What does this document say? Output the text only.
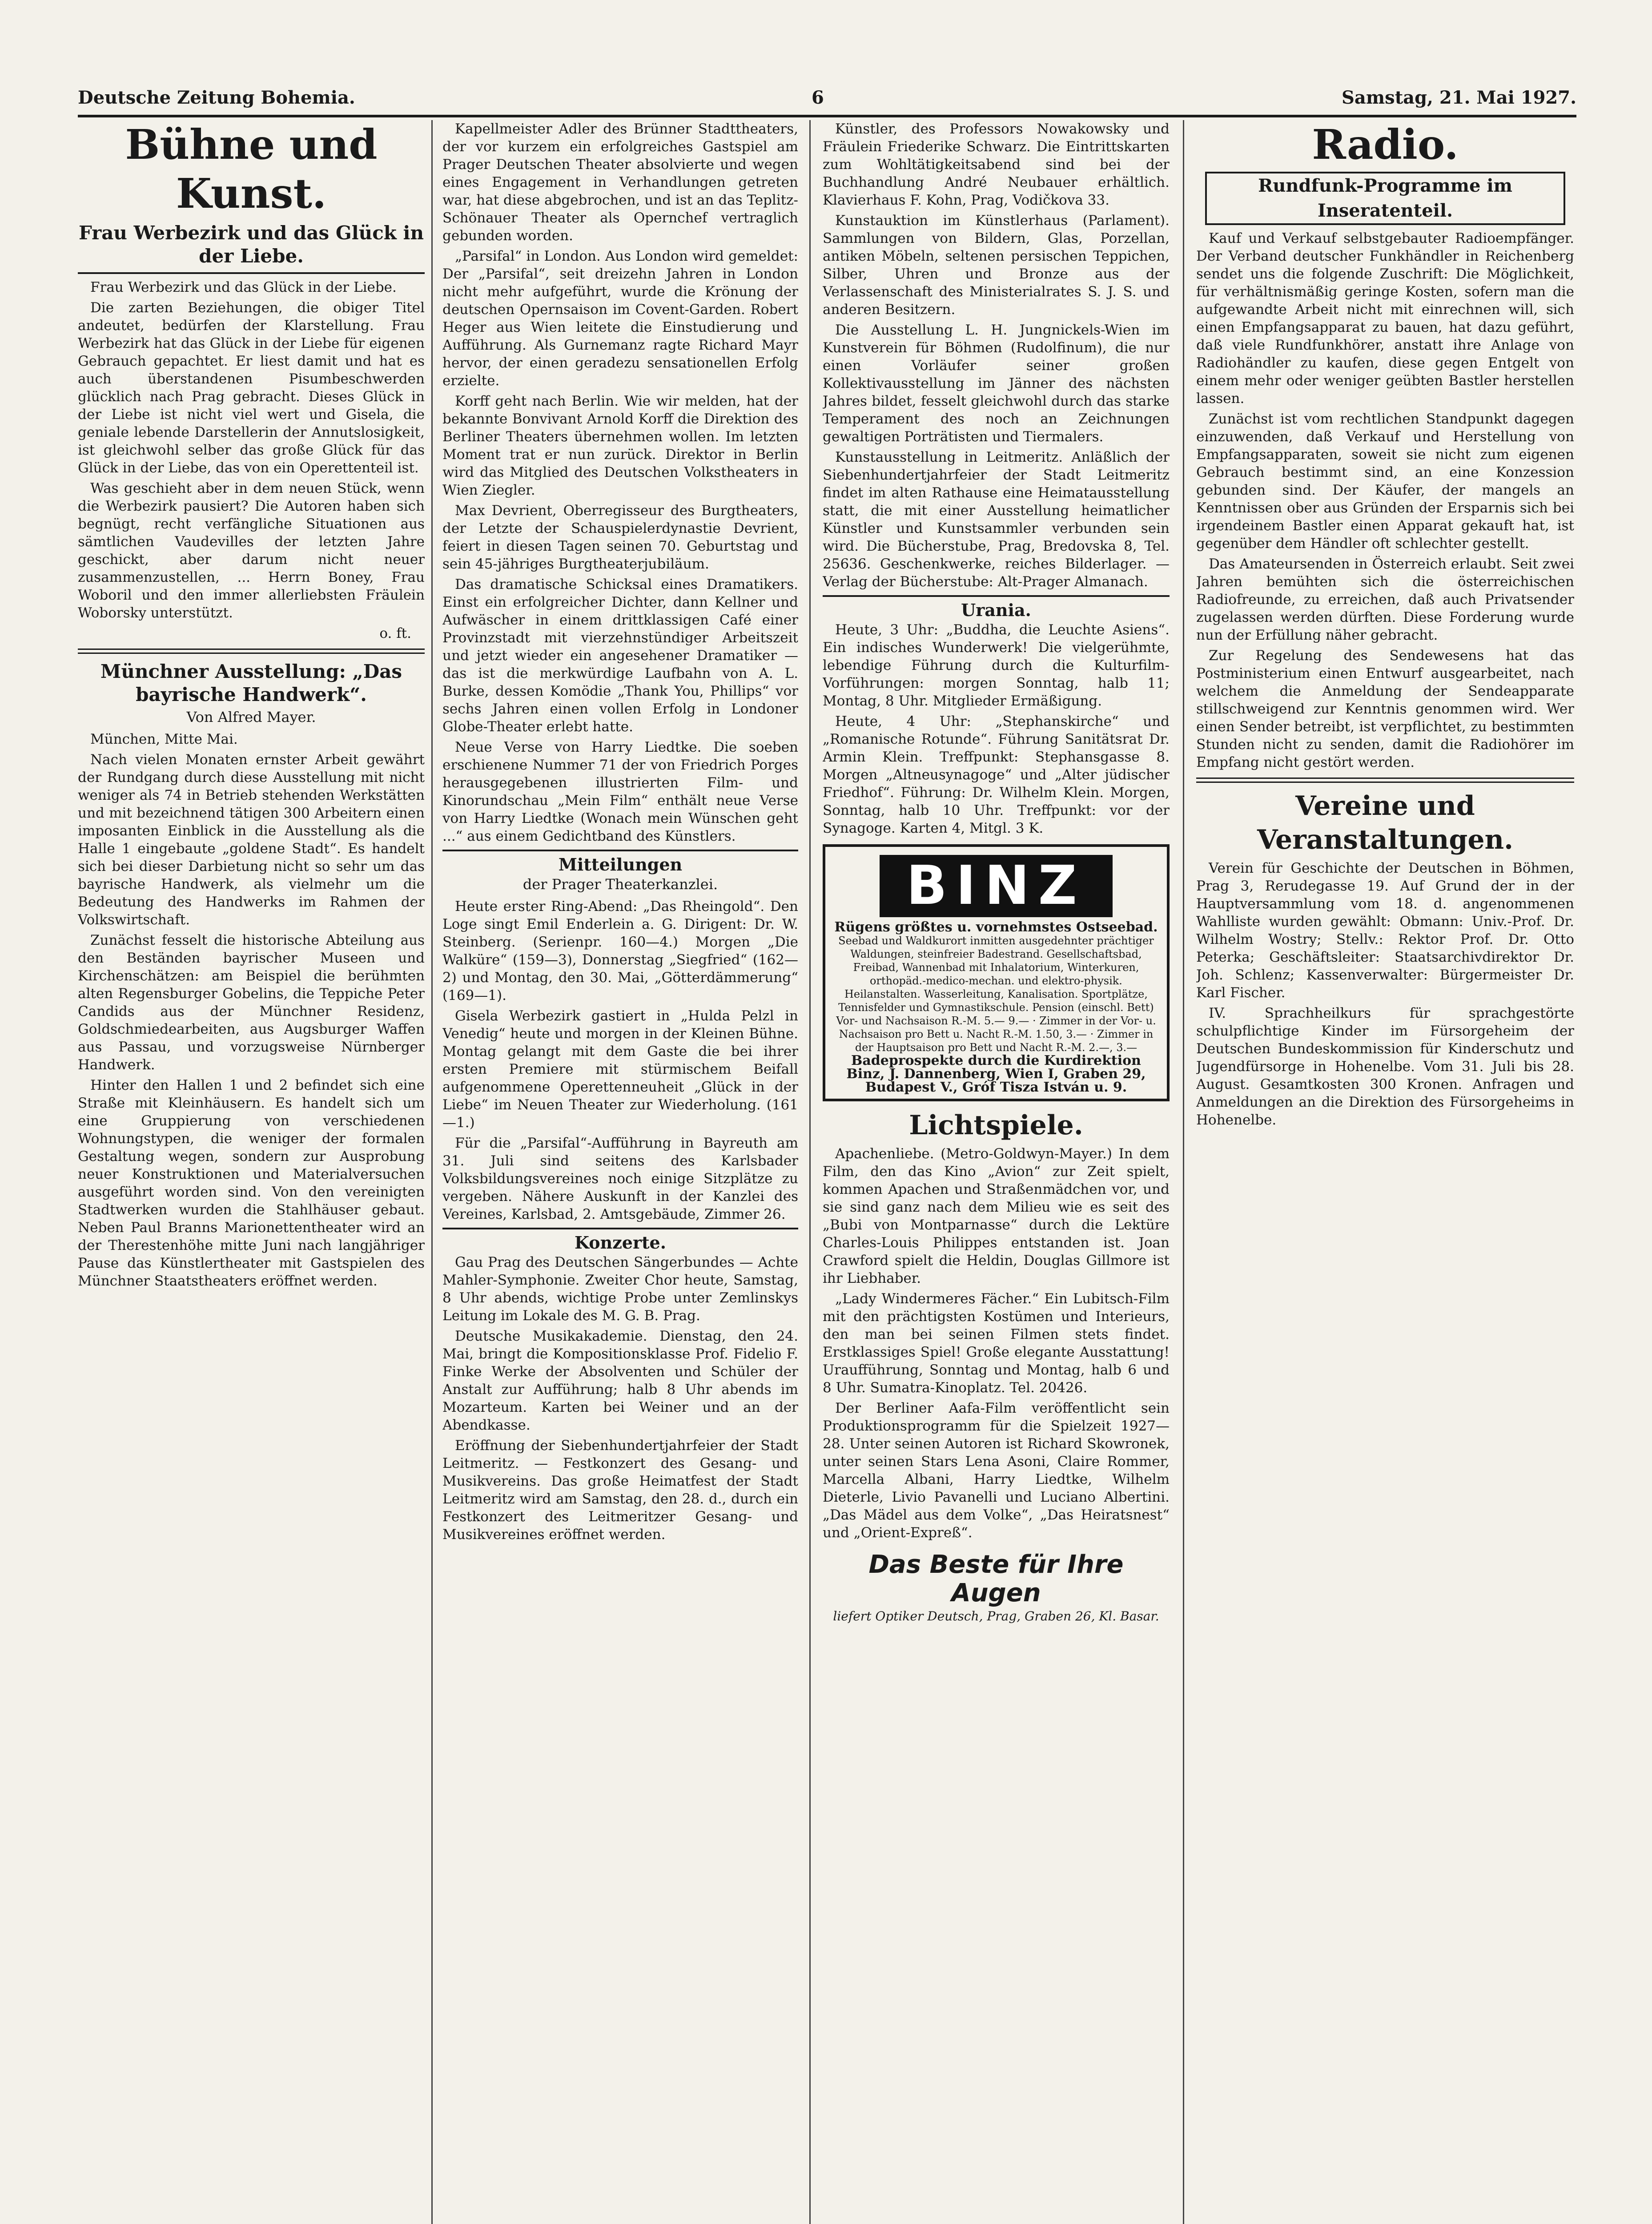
Deutsche Zeitung Bohemia.	6	Samstag, 21. Mai 1927.
Bühne und Kunst.
Frau Werbezirk und das Glück in der Liebe.
Frau Werbezirk und das Glück in der Liebe.
Die zarten Beziehungen, die obiger Titel andeutet, bedürfen der Klarstellung. Frau Werbezirk hat das Glück in der Liebe für eigenen Gebrauch gepachtet. Er liest damit und hat es auch überstandenen Pisumbeschwerden glücklich nach Prag gebracht. Dieses Glück in der Liebe ist nicht viel wert und Gisela, die geniale lebende Darstellerin der Annutslosigkeit, ist gleichwohl selber das große Glück für das Glück in der Liebe, das von ein Operettenteil ist.
Was geschieht aber in dem neuen Stück, wenn die Werbezirk pausiert? Die Autoren haben sich begnügt, recht verfängliche Situationen aus sämtlichen Vaudevilles der letzten Jahre geschickt, aber darum nicht neuer zusammenzustellen, ... Herrn Boney, Frau Woboril und den immer allerliebsten Fräulein Woborsky unterstützt.
o. ft.
Münchner Ausstellung: „Das bayrische Handwerk“.
Von Alfred Mayer.
München, Mitte Mai.
Nach vielen Monaten ernster Arbeit gewährt der Rundgang durch diese Ausstellung mit nicht weniger als 74 in Betrieb stehenden Werkstätten und mit bezeichnend tätigen 300 Arbeitern einen imposanten Einblick in die Ausstellung als die Halle 1 eingebaute „goldene Stadt“. Es handelt sich bei dieser Darbietung nicht so sehr um das bayrische Handwerk, als vielmehr um die Bedeutung des Handwerks im Rahmen der Volkswirtschaft.
Zunächst fesselt die historische Abteilung aus den Beständen bayrischer Museen und Kirchenschätzen: am Beispiel die berühmten alten Regensburger Gobelins, die Teppiche Peter Candids aus der Münchner Residenz, Goldschmiedearbeiten, aus Augsburger Waffen aus Passau, und vorzugsweise Nürnberger Handwerk.
Hinter den Hallen 1 und 2 befindet sich eine Straße mit Kleinhäusern. Es handelt sich um eine Gruppierung von verschiedenen Wohnungstypen, die weniger der formalen Gestaltung wegen, sondern zur Ausprobung neuer Konstruktionen und Materialversuchen ausgeführt worden sind. Von den vereinigten Stadtwerken wurden die Stahlhäuser gebaut. Neben Paul Branns Marionettentheater wird an der Therestenhöhe mitte Juni nach langjähriger Pause das Künstlertheater mit Gastspielen des Münchner Staatstheaters eröffnet werden.
Kapellmeister Adler des Brünner Stadttheaters, der vor kurzem ein erfolgreiches Gastspiel am Prager Deutschen Theater absolvierte und wegen eines Engagement in Verhandlungen getreten war, hat diese abgebrochen, und ist an das Teplitz-Schönauer Theater als Opernchef vertraglich gebunden worden.
„Parsifal“ in London. Aus London wird gemeldet: Der „Parsifal“, seit dreizehn Jahren in London nicht mehr aufgeführt, wurde die Krönung der deutschen Opernsaison im Covent-Garden. Robert Heger aus Wien leitete die Einstudierung und Aufführung. Als Gurnemanz ragte Richard Mayr hervor, der einen geradezu sensationellen Erfolg erzielte.
Korff geht nach Berlin. Wie wir melden, hat der bekannte Bonvivant Arnold Korff die Direktion des Berliner Theaters übernehmen wollen. Im letzten Moment trat er nun zurück. Direktor in Berlin wird das Mitglied des Deutschen Volkstheaters in Wien Ziegler.
Max Devrient, Oberregisseur des Burgtheaters, der Letzte der Schauspielerdynastie Devrient, feiert in diesen Tagen seinen 70. Geburtstag und sein 45-jähriges Burgtheaterjubiläum.
Das dramatische Schicksal eines Dramatikers. Einst ein erfolgreicher Dichter, dann Kellner und Aufwäscher in einem drittklassigen Café einer Provinzstadt mit vierzehnstündiger Arbeitszeit und jetzt wieder ein angesehener Dramatiker — das ist die merkwürdige Laufbahn von A. L. Burke, dessen Komödie „Thank You, Phillips“ vor sechs Jahren einen vollen Erfolg in Londoner Globe-Theater erlebt hatte.
Neue Verse von Harry Liedtke. Die soeben erschienene Nummer 71 der von Friedrich Porges herausgegebenen illustrierten Film- und Kinorundschau „Mein Film“ enthält neue Verse von Harry Liedtke (Wonach mein Wünschen geht ...“ aus einem Gedichtband des Künstlers.
Mitteilungen
der Prager Theaterkanzlei.
Heute erster Ring-Abend: „Das Rheingold“. Den Loge singt Emil Enderlein a. G. Dirigent: Dr. W. Steinberg. (Serienpr. 160—4.) Morgen „Die Walküre“ (159—3), Donnerstag „Siegfried“ (162—2) und Montag, den 30. Mai, „Götterdämmerung“ (169—1).
Gisela Werbezirk gastiert in „Hulda Pelzl in Venedig“ heute und morgen in der Kleinen Bühne. Montag gelangt mit dem Gaste die bei ihrer ersten Premiere mit stürmischem Beifall aufgenommene Operettenneuheit „Glück in der Liebe“ im Neuen Theater zur Wiederholung. (161—1.)
Für die „Parsifal“-Aufführung in Bayreuth am 31. Juli sind seitens des Karlsbader Volksbildungsvereines noch einige Sitzplätze zu vergeben. Nähere Auskunft in der Kanzlei des Vereines, Karlsbad, 2. Amtsgebäude, Zimmer 26.
Konzerte.
Gau Prag des Deutschen Sängerbundes — Achte Mahler-Symphonie. Zweiter Chor heute, Samstag, 8 Uhr abends, wichtige Probe unter Zemlinskys Leitung im Lokale des M. G. B. Prag.
Deutsche Musikakademie. Dienstag, den 24. Mai, bringt die Kompositionsklasse Prof. Fidelio F. Finke Werke der Absolventen und Schüler der Anstalt zur Aufführung; halb 8 Uhr abends im Mozarteum. Karten bei Weiner und an der Abendkasse.
Eröffnung der Siebenhundertjahrfeier der Stadt Leitmeritz. — Festkonzert des Gesang- und Musikvereins. Das große Heimatfest der Stadt Leitmeritz wird am Samstag, den 28. d., durch ein Festkonzert des Leitmeritzer Gesang- und Musikvereines eröffnet werden.
Künstler, des Professors Nowakowsky und Fräulein Friederike Schwarz. Die Eintrittskarten zum Wohltätigkeitsabend sind bei der Buchhandlung André Neubauer erhältlich. Klavierhaus F. Kohn, Prag, Vodičkova 33.
Kunstauktion im Künstlerhaus (Parlament). Sammlungen von Bildern, Glas, Porzellan, antiken Möbeln, seltenen persischen Teppichen, Silber, Uhren und Bronze aus der Verlassenschaft des Ministerialrates S. J. S. und anderen Besitzern.
Die Ausstellung L. H. Jungnickels-Wien im Kunstverein für Böhmen (Rudolfinum), die nur einen Vorläufer seiner großen Kollektivausstellung im Jänner des nächsten Jahres bildet, fesselt gleichwohl durch das starke Temperament des noch an Zeichnungen gewaltigen Porträtisten und Tiermalers.
Kunstausstellung in Leitmeritz. Anläßlich der Siebenhundertjahrfeier der Stadt Leitmeritz findet im alten Rathause eine Heimatausstellung statt, die mit einer Ausstellung heimatlicher Künstler und Kunstsammler verbunden sein wird. Die Bücherstube, Prag, Bredovska 8, Tel. 25636. Geschenkwerke, reiches Bilderlager. — Verlag der Bücherstube: Alt-Prager Almanach.
Urania.
Heute, 3 Uhr: „Buddha, die Leuchte Asiens“. Ein indisches Wunderwerk! Die vielgerühmte, lebendige Führung durch die Kulturfilm-Vorführungen: morgen Sonntag, halb 11; Montag, 8 Uhr. Mitglieder Ermäßigung.
Heute, 4 Uhr: „Stephanskirche“ und „Romanische Rotunde“. Führung Sanitätsrat Dr. Armin Klein. Treffpunkt: Stephansgasse 8. Morgen „Altneusynagoge“ und „Alter jüdischer Friedhof“. Führung: Dr. Wilhelm Klein. Morgen, Sonntag, halb 10 Uhr. Treffpunkt: vor der Synagoge. Karten 4, Mitgl. 3 K.
BINZ
Rügens größtes u. vornehmstes Ostseebad.
Seebad und Waldkurort inmitten ausgedehnter prächtiger Waldungen, steinfreier Badestrand. Gesellschaftsbad, Freibad, Wannenbad mit Inhalatorium, Winterkuren, orthopäd.-medico-mechan. und elektro-physik. Heilanstalten. Wasserleitung, Kanalisation. Sportplätze, Tennisfelder und Gymnastikschule. Pension (einschl. Bett) Vor- und Nachsaison R.-M. 5.— 9.— · Zimmer in der Vor- u. Nachsaison pro Bett u. Nacht R.-M. 1.50, 3.— · Zimmer in der Hauptsaison pro Bett und Nacht R.-M. 2.—, 3.—
Badeprospekte durch die Kurdirektion Binz, J. Dannenberg, Wien I, Graben 29, Budapest V., Gróf Tisza István u. 9.
Lichtspiele.
Apachenliebe. (Metro-Goldwyn-Mayer.) In dem Film, den das Kino „Avion“ zur Zeit spielt, kommen Apachen und Straßenmädchen vor, und sie sind ganz nach dem Milieu wie es seit des „Bubi von Montparnasse“ durch die Lektüre Charles-Louis Philippes entstanden ist. Joan Crawford spielt die Heldin, Douglas Gillmore ist ihr Liebhaber.
„Lady Windermeres Fächer.“ Ein Lubitsch-Film mit den prächtigsten Kostümen und Interieurs, den man bei seinen Filmen stets findet. Erstklassiges Spiel! Große elegante Ausstattung! Uraufführung, Sonntag und Montag, halb 6 und 8 Uhr. Sumatra-Kinoplatz. Tel. 20426.
Der Berliner Aafa-Film veröffentlicht sein Produktionsprogramm für die Spielzeit 1927—28. Unter seinen Autoren ist Richard Skowronek, unter seinen Stars Lena Asoni, Claire Rommer, Marcella Albani, Harry Liedtke, Wilhelm Dieterle, Livio Pavanelli und Luciano Albertini. „Das Mädel aus dem Volke“, „Das Heiratsnest“ und „Orient-Expreß“.
Das Beste für Ihre Augen
liefert Optiker Deutsch, Prag, Graben 26, Kl. Basar.
Radio.
Rundfunk-Programme im Inseratenteil.
Kauf und Verkauf selbstgebauter Radioempfänger. Der Verband deutscher Funkhändler in Reichenberg sendet uns die folgende Zuschrift: Die Möglichkeit, für verhältnismäßig geringe Kosten, sofern man die aufgewandte Arbeit nicht mit einrechnen will, sich einen Empfangsapparat zu bauen, hat dazu geführt, daß viele Rundfunkhörer, anstatt ihre Anlage von Radiohändler zu kaufen, diese gegen Entgelt von einem mehr oder weniger geübten Bastler herstellen lassen.
Zunächst ist vom rechtlichen Standpunkt dagegen einzuwenden, daß Verkauf und Herstellung von Empfangsapparaten, soweit sie nicht zum eigenen Gebrauch bestimmt sind, an eine Konzession gebunden sind. Der Käufer, der mangels an Kenntnissen ober aus Gründen der Ersparnis sich bei irgendeinem Bastler einen Apparat gekauft hat, ist gegenüber dem Händler oft schlechter gestellt.
Das Amateursenden in Österreich erlaubt. Seit zwei Jahren bemühten sich die österreichischen Radiofreunde, zu erreichen, daß auch Privatsender zugelassen werden dürften. Diese Forderung wurde nun der Erfüllung näher gebracht.
Zur Regelung des Sendewesens hat das Postministerium einen Entwurf ausgearbeitet, nach welchem die Anmeldung der Sendeapparate stillschweigend zur Kenntnis genommen wird. Wer einen Sender betreibt, ist verpflichtet, zu bestimmten Stunden nicht zu senden, damit die Radiohörer im Empfang nicht gestört werden.
Vereine und Veranstaltungen.
Verein für Geschichte der Deutschen in Böhmen, Prag 3, Rerudegasse 19. Auf Grund der in der Hauptversammlung vom 18. d. angenommenen Wahlliste wurden gewählt: Obmann: Univ.-Prof. Dr. Wilhelm Wostry; Stellv.: Rektor Prof. Dr. Otto Peterka; Geschäftsleiter: Staatsarchivdirektor Dr. Joh. Schlenz; Kassenverwalter: Bürgermeister Dr. Karl Fischer.
IV. Sprachheilkurs für sprachgestörte schulpflichtige Kinder im Fürsorgeheim der Deutschen Bundeskommission für Kinderschutz und Jugendfürsorge in Hohenelbe. Vom 31. Juli bis 28. August. Gesamtkosten 300 Kronen. Anfragen und Anmeldungen an die Direktion des Fürsorgeheims in Hohenelbe.
